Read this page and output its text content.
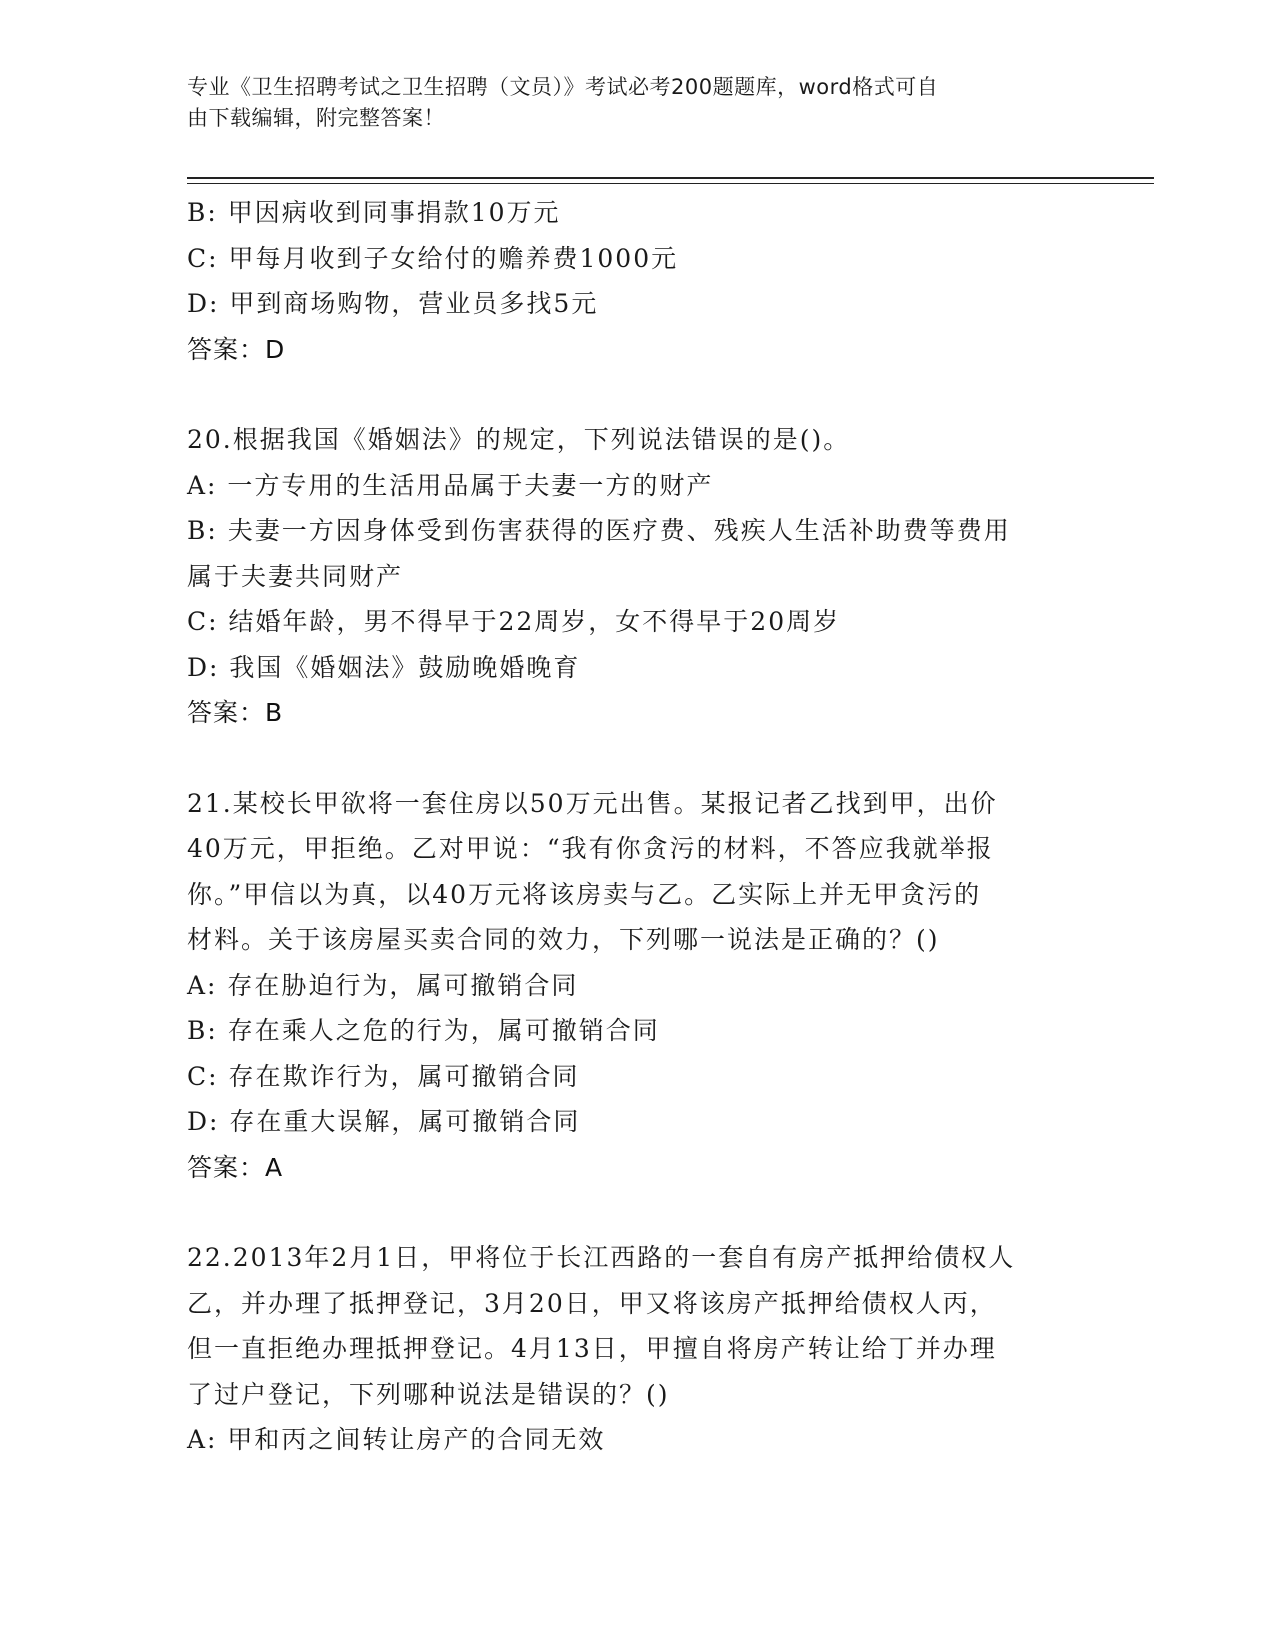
专业《卫生招聘考试之卫生招聘（文员）》考试必考200题题库，word格式可自
由下载编辑，附完整答案！
B: 甲因病收到同事捐款10万元
C: 甲每月收到子女给付的赡养费1000元
D: 甲到商场购物，营业员多找5元
答案：D
20.根据我国《婚姻法》的规定，下列说法错误的是()。
A: 一方专用的生活用品属于夫妻一方的财产
B: 夫妻一方因身体受到伤害获得的医疗费、残疾人生活补助费等费用
属于夫妻共同财产
C: 结婚年龄，男不得早于22周岁，女不得早于20周岁
D: 我国《婚姻法》鼓励晚婚晚育
答案：B
21.某校长甲欲将一套住房以50万元出售。某报记者乙找到甲，出价
40万元，甲拒绝。乙对甲说：“我有你贪污的材料，不答应我就举报
你。”甲信以为真，以40万元将该房卖与乙。乙实际上并无甲贪污的
材料。关于该房屋买卖合同的效力，下列哪一说法是正确的？()
A: 存在胁迫行为，属可撤销合同
B: 存在乘人之危的行为，属可撤销合同
C: 存在欺诈行为，属可撤销合同
D: 存在重大误解，属可撤销合同
答案：A
22.2013年2月1日，甲将位于长江西路的一套自有房产抵押给债权人
乙，并办理了抵押登记，3月20日，甲又将该房产抵押给债权人丙，
但一直拒绝办理抵押登记。4月13日，甲擅自将房产转让给丁并办理
了过户登记，下列哪种说法是错误的？()
A: 甲和丙之间转让房产的合同无效
